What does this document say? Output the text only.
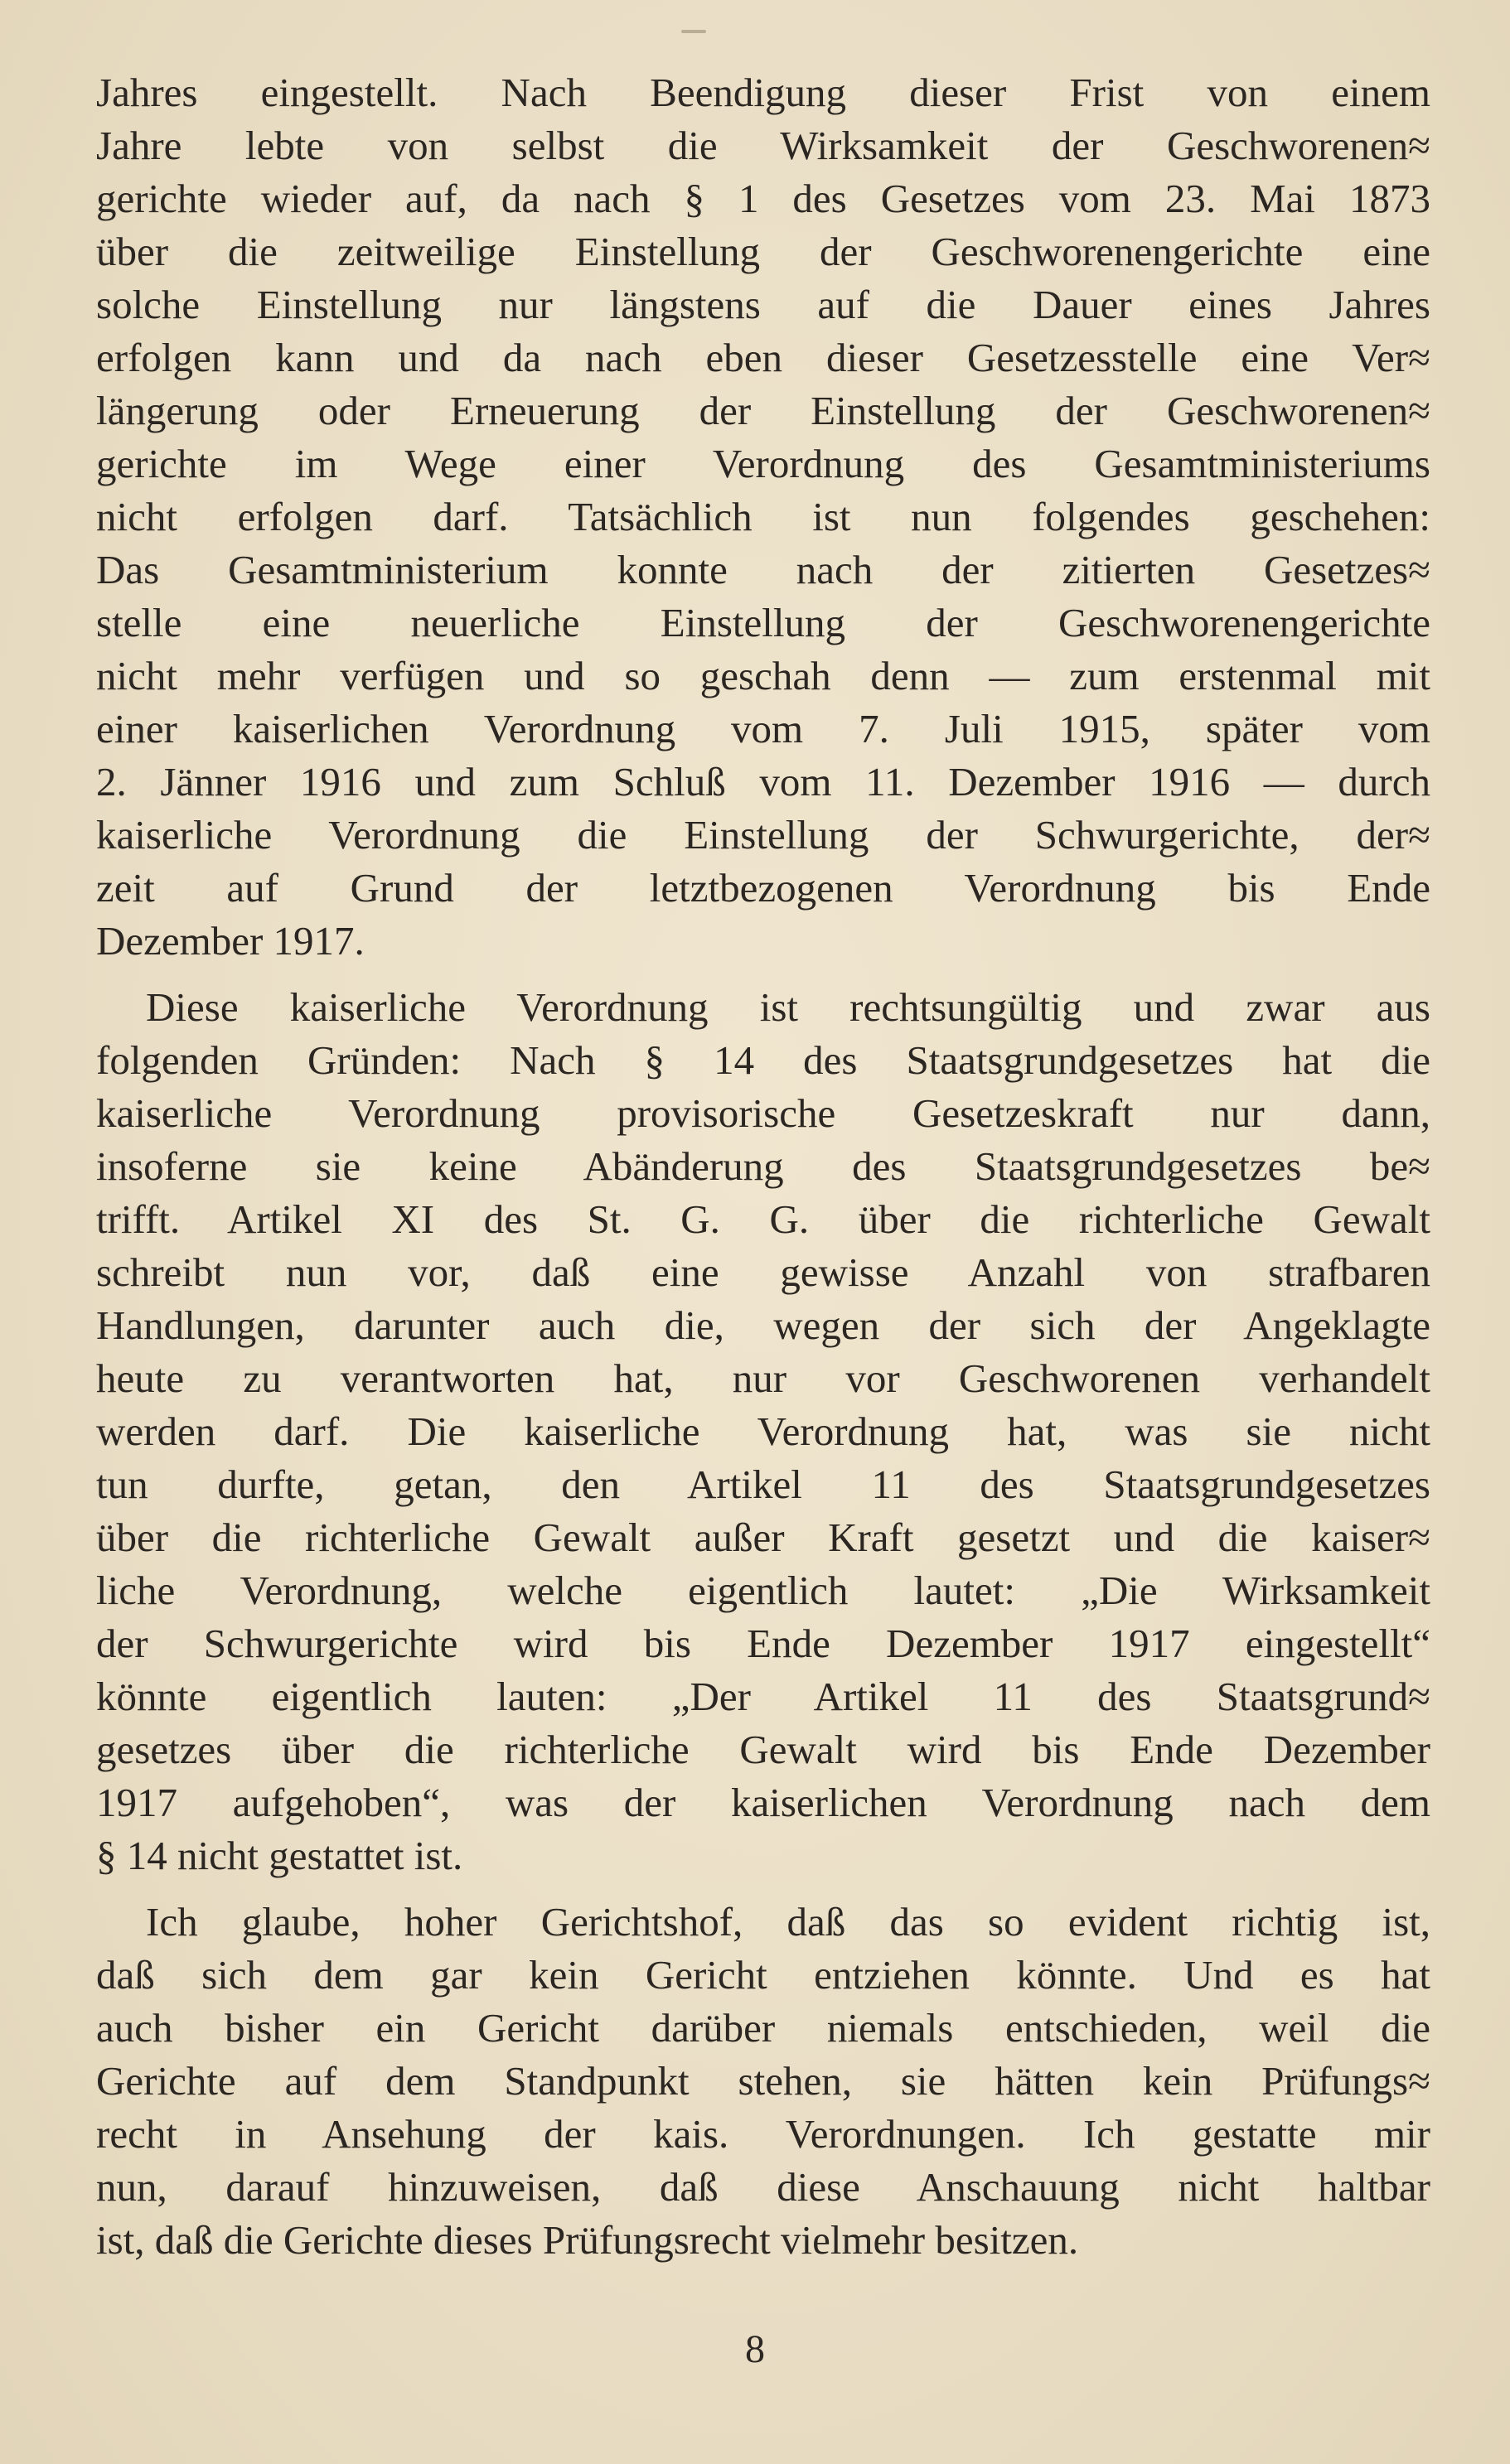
Jahres eingestellt. Nach Beendigung dieser Frist von einem
Jahre lebte von selbst die Wirksamkeit der Geschworenen≈
gerichte wieder auf, da nach § 1 des Gesetzes vom 23. Mai 1873
über die zeitweilige Einstellung der Geschworenengerichte eine
solche Einstellung nur längstens auf die Dauer eines Jahres
erfolgen kann und da nach eben dieser Gesetzesstelle eine Ver≈
längerung oder Erneuerung der Einstellung der Geschworenen≈
gerichte im Wege einer Verordnung des Gesamtministeriums
nicht erfolgen darf. Tatsächlich ist nun folgendes geschehen:
Das Gesamtministerium konnte nach der zitierten Gesetzes≈
stelle eine neuerliche Einstellung der Geschworenengerichte
nicht mehr verfügen und so geschah denn — zum erstenmal mit
einer kaiserlichen Verordnung vom 7. Juli 1915, später vom
2. Jänner 1916 und zum Schluß vom 11. Dezember 1916 — durch
kaiserliche Verordnung die Einstellung der Schwurgerichte, der≈
zeit auf Grund der letztbezogenen Verordnung bis Ende
Dezember 1917.
Diese kaiserliche Verordnung ist rechtsungültig und zwar aus
folgenden Gründen: Nach § 14 des Staatsgrundgesetzes hat die
kaiserliche Verordnung provisorische Gesetzeskraft nur dann,
insoferne sie keine Abänderung des Staatsgrundgesetzes be≈
trifft. Artikel XI des St. G. G. über die richterliche Gewalt
schreibt nun vor, daß eine gewisse Anzahl von strafbaren
Handlungen, darunter auch die, wegen der sich der Angeklagte
heute zu verantworten hat, nur vor Geschworenen verhandelt
werden darf. Die kaiserliche Verordnung hat, was sie nicht
tun durfte, getan, den Artikel 11 des Staatsgrundgesetzes
über die richterliche Gewalt außer Kraft gesetzt und die kaiser≈
liche Verordnung, welche eigentlich lautet: „Die Wirksamkeit
der Schwurgerichte wird bis Ende Dezember 1917 eingestellt“
könnte eigentlich lauten: „Der Artikel 11 des Staatsgrund≈
gesetzes über die richterliche Gewalt wird bis Ende Dezember
1917 aufgehoben“, was der kaiserlichen Verordnung nach dem
§ 14 nicht gestattet ist.
Ich glaube, hoher Gerichtshof, daß das so evident richtig ist,
daß sich dem gar kein Gericht entziehen könnte. Und es hat
auch bisher ein Gericht darüber niemals entschieden, weil die
Gerichte auf dem Standpunkt stehen, sie hätten kein Prüfungs≈
recht in Ansehung der kais. Verordnungen. Ich gestatte mir
nun, darauf hinzuweisen, daß diese Anschauung nicht haltbar
ist, daß die Gerichte dieses Prüfungsrecht vielmehr besitzen.
8
